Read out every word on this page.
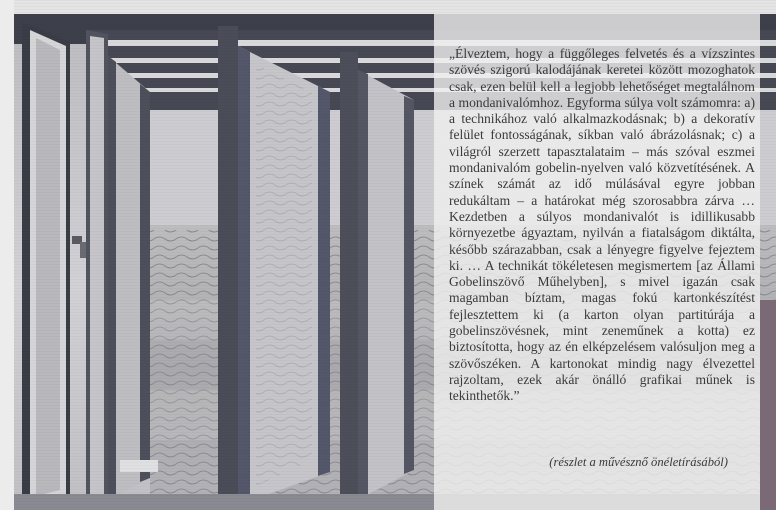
„Élveztem, hogy a függőleges felvetés és a vízszintes szövés szigorú kalodájának keretei között mozoghatok csak, ezen belül kell a legjobb lehetőséget megtalálnom a mondanivalómhoz. Egyforma súlya volt számomra: a) a technikához való alkalmazkodásnak; b) a dekoratív felület fontosságának, síkban való ábrázolásnak; c) a világról szerzett tapasztalataim – más szóval eszmei mondanivalóm gobelin-nyelven való közvetítésének. A színek számát az idő múlásával egyre jobban redukáltam – a határokat még szorosabbra zárva … Kezdetben a súlyos mondanivalót is idillikusabb környezetbe ágyaztam, nyilván a fiatalságom diktálta, később szárazabban, csak a lényegre figyelve fejeztem ki. … A technikát tökéletesen megismertem [az Állami Gobelinszövő Műhelyben], s mivel igazán csak magamban bíztam, magas fokú kartonkészítést fejlesztettem ki (a karton olyan partitúrája a gobelinszövésnek, mint zeneműnek a kotta) ez biztosította, hogy az én elképzelésem valósuljon meg a szövőszéken. A kartonokat mindig nagy élvezettel rajzoltam, ezek akár önálló grafikai műnek is tekinthetők.”

(részlet a művésznő önéletírásából)
